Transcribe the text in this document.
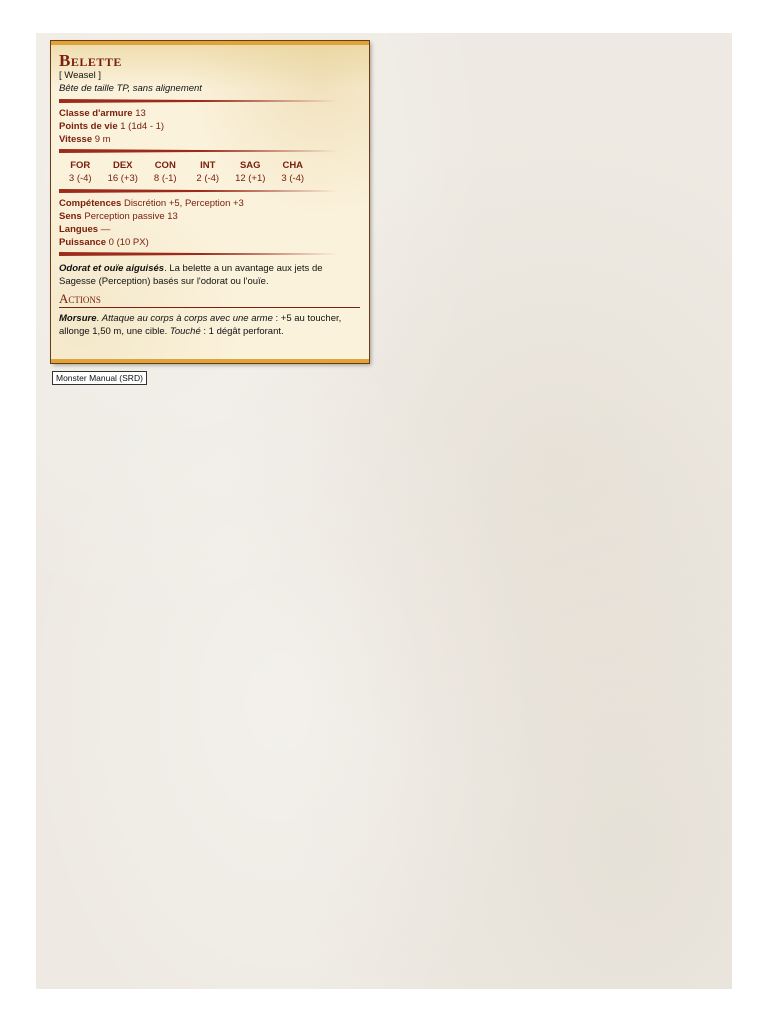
Belette
[ Weasel ]
Bête de taille TP, sans alignement
Classe d'armure 13
Points de vie 1 (1d4 - 1)
Vitesse 9 m
FOR
3 (-4)
DEX
16 (+3)
CON
8 (-1)
INT
2 (-4)
SAG
12 (+1)
CHA
3 (-4)
Compétences Discrétion +5, Perception +3
Sens Perception passive 13
Langues —
Puissance 0 (10 PX)
Odorat et ouïe aiguisés. La belette a un avantage aux jets de Sagesse (Perception) basés sur l'odorat ou l'ouïe.
Actions
Morsure. Attaque au corps à corps avec une arme : +5 au toucher, allonge 1,50 m, une cible. Touché : 1 dégât perforant.
Monster Manual (SRD)
